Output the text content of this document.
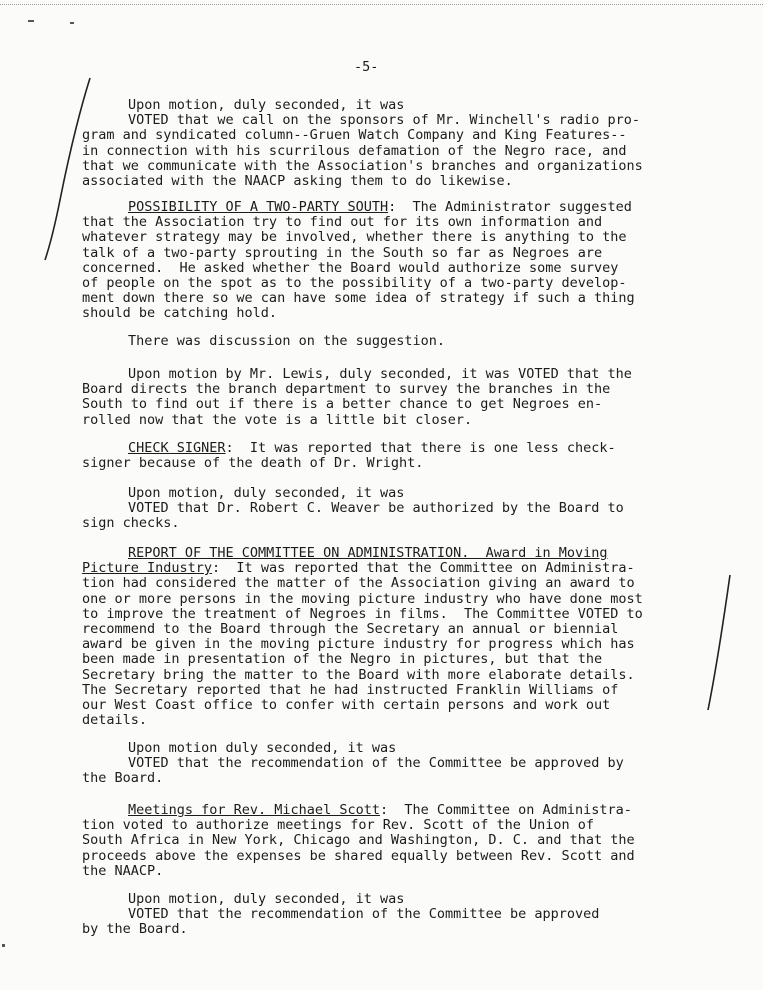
-5-
Upon motion, duly seconded, it was
VOTED that we call on the sponsors of Mr. Winchell's radio pro-
gram and syndicated column--Gruen Watch Company and King Features--
in connection with his scurrilous defamation of the Negro race, and
that we communicate with the Association's branches and organizations
associated with the NAACP asking them to do likewise.
POSSIBILITY OF A TWO-PARTY SOUTH:  The Administrator suggested
that the Association try to find out for its own information and
whatever strategy may be involved, whether there is anything to the
talk of a two-party sprouting in the South so far as Negroes are
concerned.  He asked whether the Board would authorize some survey
of people on the spot as to the possibility of a two-party develop-
ment down there so we can have some idea of strategy if such a thing
should be catching hold.
There was discussion on the suggestion.
Upon motion by Mr. Lewis, duly seconded, it was VOTED that the
Board directs the branch department to survey the branches in the
South to find out if there is a better chance to get Negroes en-
rolled now that the vote is a little bit closer.
CHECK SIGNER:  It was reported that there is one less check-
signer because of the death of Dr. Wright.
Upon motion, duly seconded, it was
VOTED that Dr. Robert C. Weaver be authorized by the Board to
sign checks.
REPORT OF THE COMMITTEE ON ADMINISTRATION.  Award in Moving
Picture Industry:  It was reported that the Committee on Administra-
tion had considered the matter of the Association giving an award to
one or more persons in the moving picture industry who have done most
to improve the treatment of Negroes in films.  The Committee VOTED to
recommend to the Board through the Secretary an annual or biennial
award be given in the moving picture industry for progress which has
been made in presentation of the Negro in pictures, but that the
Secretary bring the matter to the Board with more elaborate details.
The Secretary reported that he had instructed Franklin Williams of
our West Coast office to confer with certain persons and work out
details.
Upon motion duly seconded, it was
VOTED that the recommendation of the Committee be approved by
the Board.
Meetings for Rev. Michael Scott:  The Committee on Administra-
tion voted to authorize meetings for Rev. Scott of the Union of
South Africa in New York, Chicago and Washington, D. C. and that the
proceeds above the expenses be shared equally between Rev. Scott and
the NAACP.
Upon motion, duly seconded, it was
VOTED that the recommendation of the Committee be approved
by the Board.
